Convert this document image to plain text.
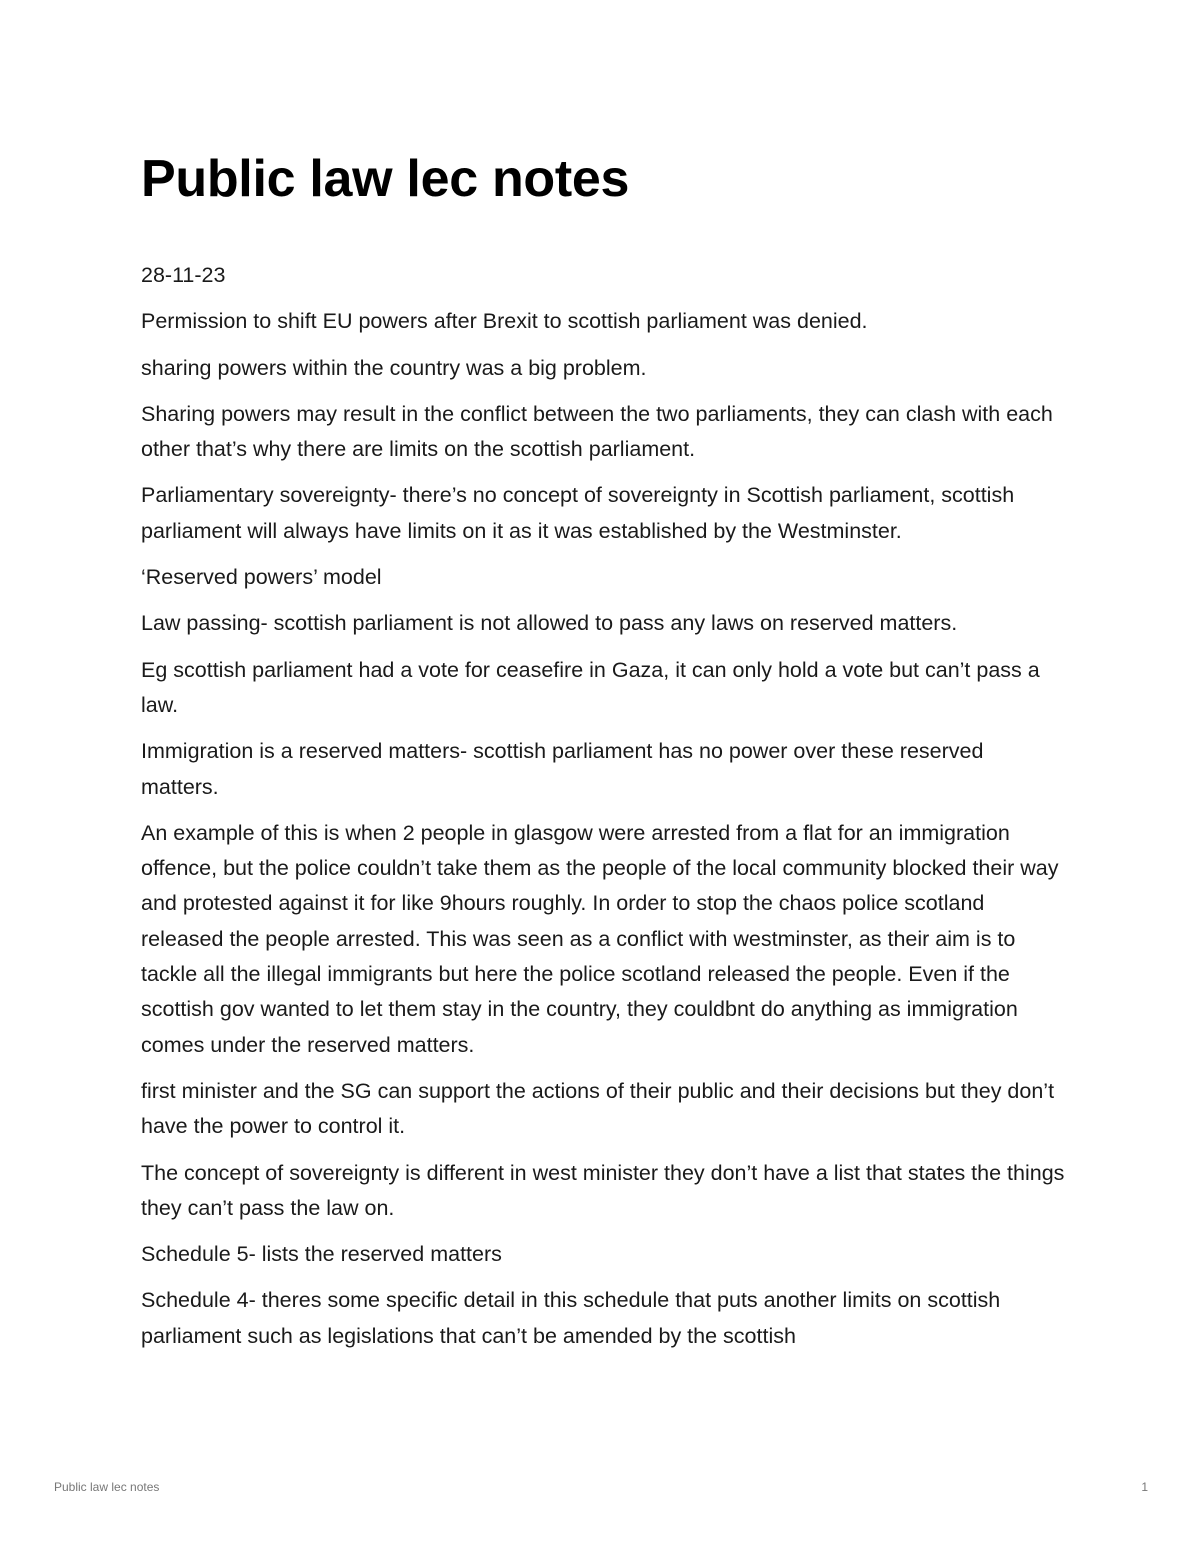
Public law lec notes

28-11-23

Permission to shift EU powers after Brexit to scottish parliament was denied.

sharing powers within the country was a big problem.

Sharing powers may result in the conflict between the two parliaments, they can clash with each other that’s why there are limits on the scottish parliament.

Parliamentary sovereignty- there’s no concept of sovereignty in Scottish parliament, scottish parliament will always have limits on it as it was established by the Westminster.

‘Reserved powers’ model

Law passing- scottish parliament is not allowed to pass any laws on reserved matters.

Eg scottish parliament had a vote for ceasefire in Gaza, it can only hold a vote but can’t pass a law.

Immigration is a reserved matters- scottish parliament has no power over these reserved matters.

An example of this is when 2 people in glasgow were arrested from a flat for an immigration offence, but the police couldn’t take them as the people of the local community blocked their way and protested against it for like 9hours roughly. In order to stop the chaos police scotland released the people arrested. This was seen as a conflict with westminster, as their aim is to tackle all the illegal immigrants but here the police scotland released the people. Even if the scottish gov wanted to let them stay in the country, they couldbnt do anything as immigration comes under the reserved matters.

first minister and the SG can support the actions of their public and their decisions but they don’t have the power to control it.

The concept of sovereignty is different in west minister they don’t have a list that states the things they can’t pass the law on.

Schedule 5- lists the reserved matters

Schedule 4- theres some specific detail in this schedule that puts another limits on scottish parliament such as legislations that can’t be amended by the scottish

Public law lec notes	1
